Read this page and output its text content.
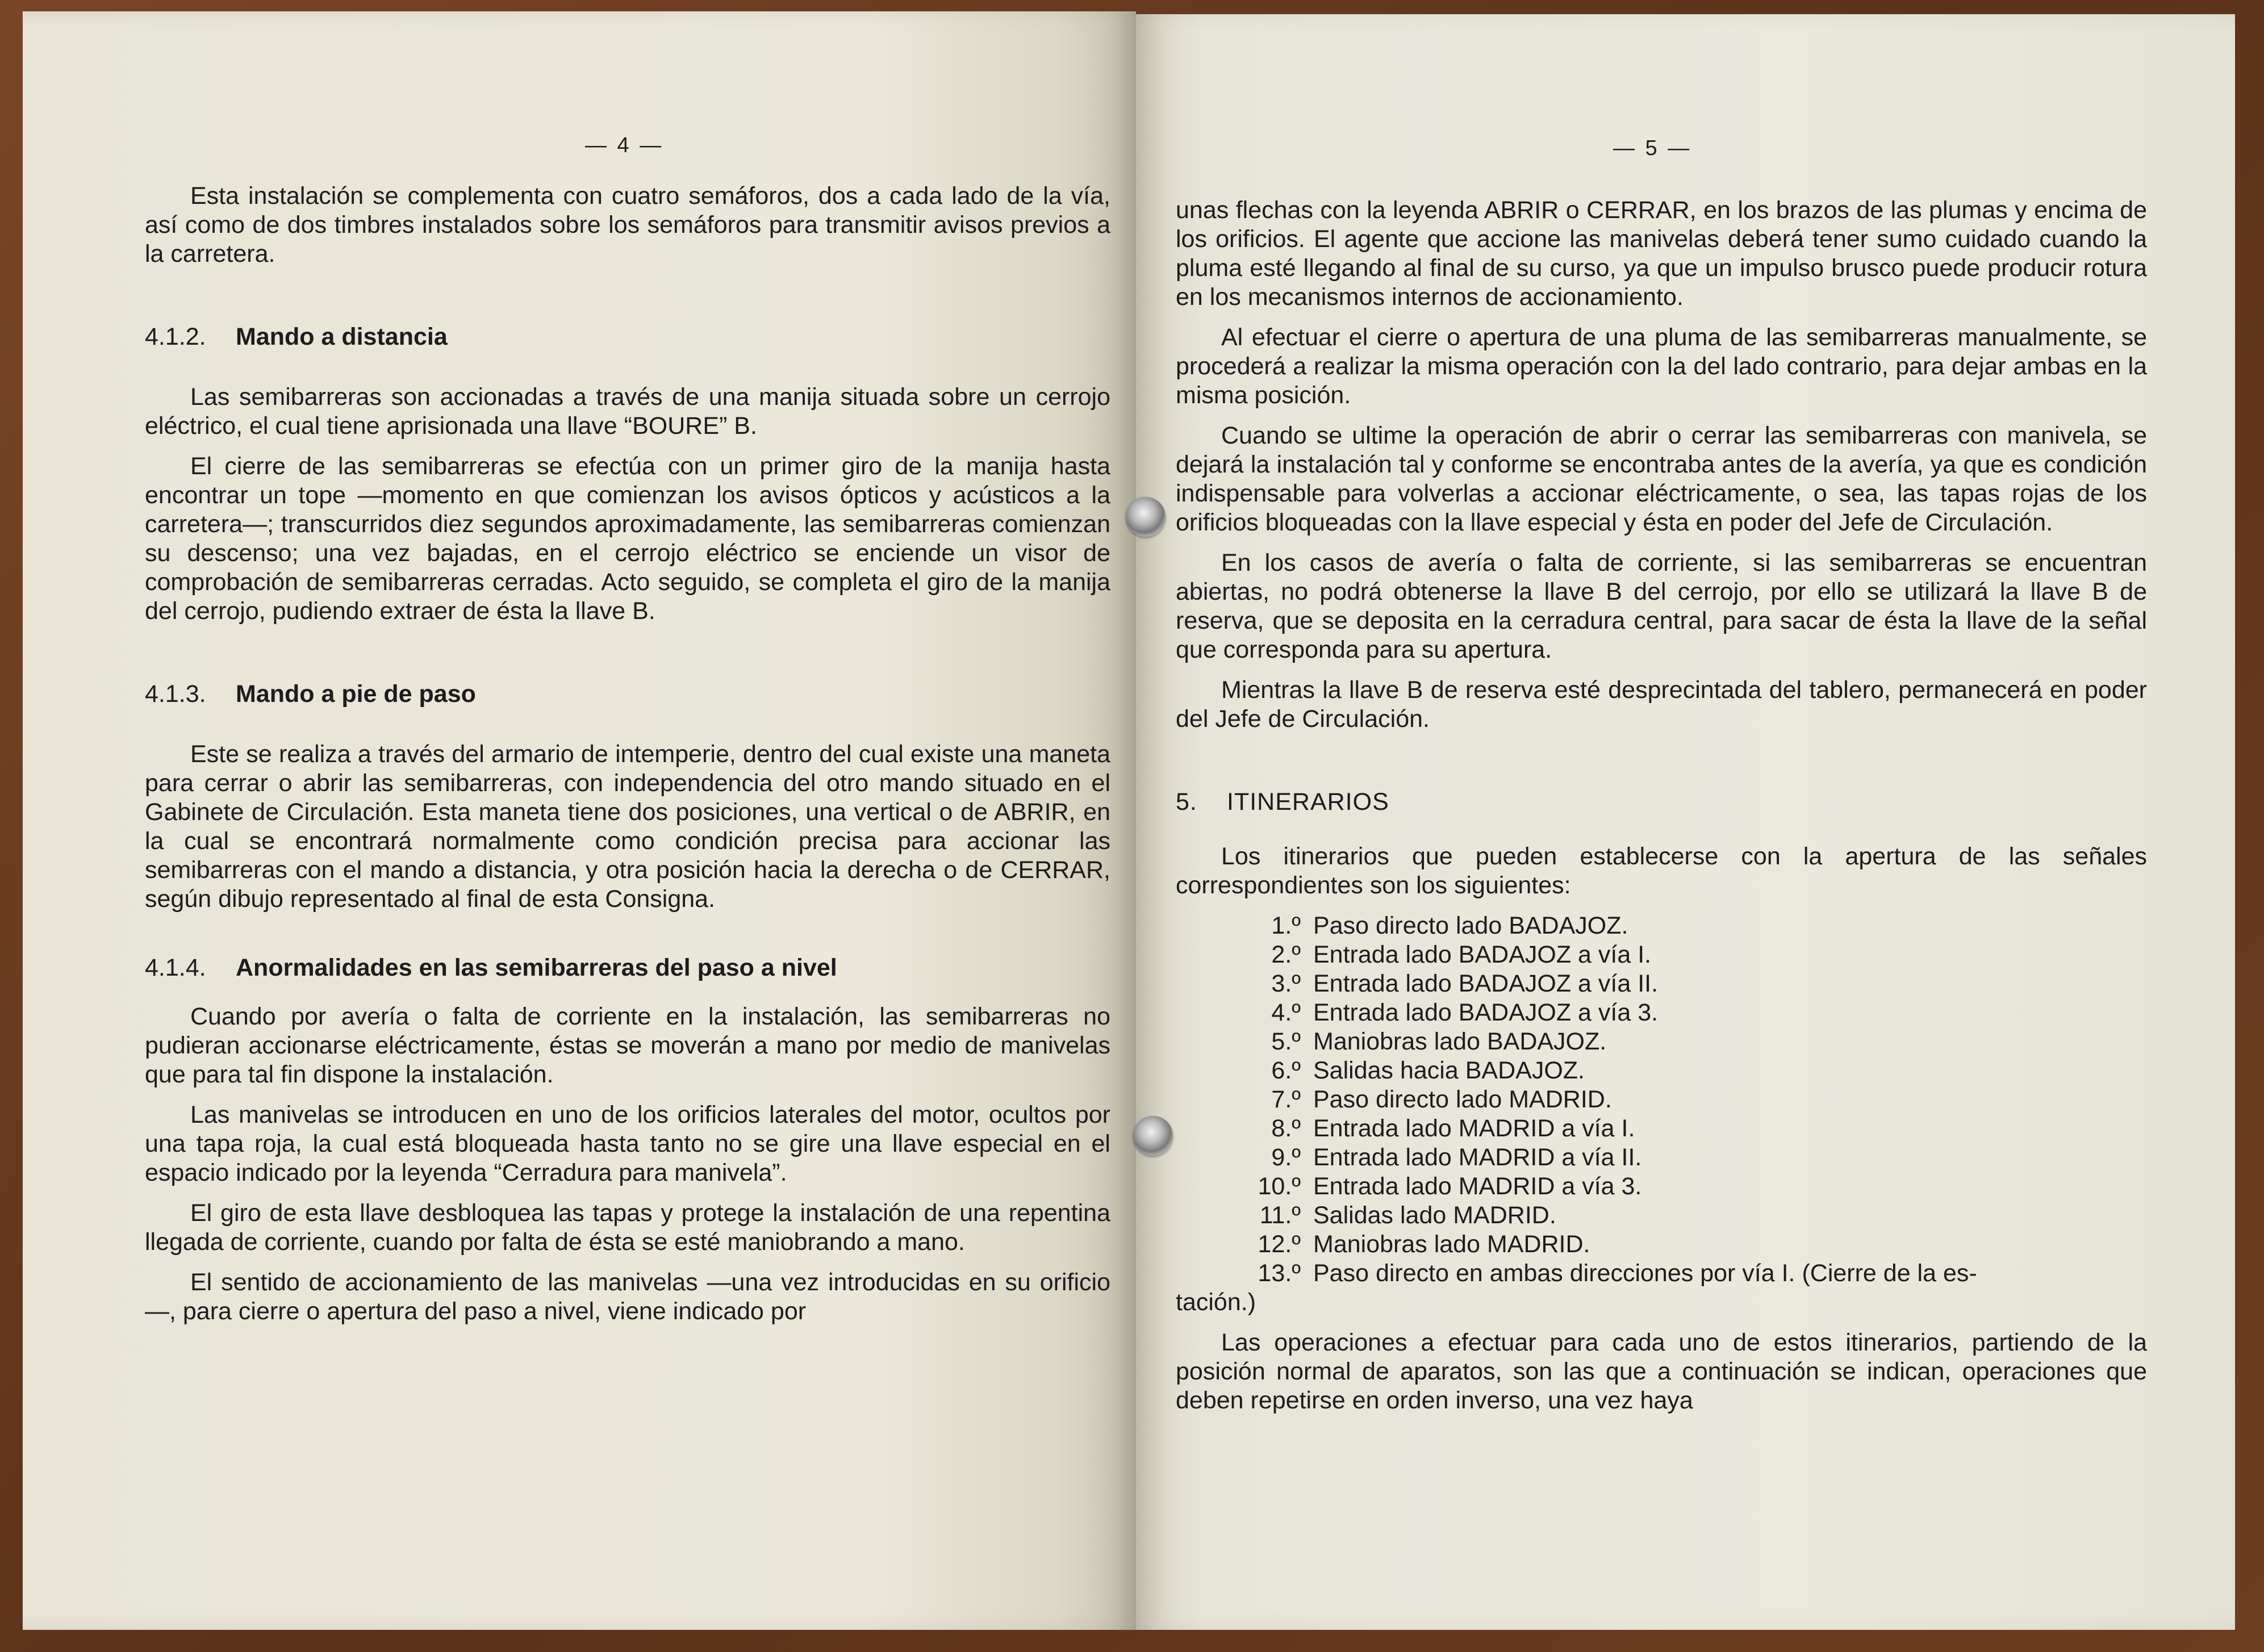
— 4 —

Esta instalación se complementa con cuatro semáforos, dos a cada lado de la vía, así como de dos timbres instalados sobre los semáforos para transmitir avisos previos a la carretera.

4.1.2. Mando a distancia

Las semibarreras son accionadas a través de una manija situada sobre un cerrojo eléctrico, el cual tiene aprisionada una llave “BOURE” B.

El cierre de las semibarreras se efectúa con un primer giro de la manija hasta encontrar un tope —momento en que comienzan los avisos ópticos y acústicos a la carretera—; transcurridos diez segundos aproximadamente, las semibarreras comienzan su descenso; una vez bajadas, en el cerrojo eléctrico se enciende un visor de comprobación de semibarreras cerradas. Acto seguido, se completa el giro de la manija del cerrojo, pudiendo extraer de ésta la llave B.

4.1.3. Mando a pie de paso

Este se realiza a través del armario de intemperie, dentro del cual existe una maneta para cerrar o abrir las semibarreras, con independencia del otro mando situado en el Gabinete de Circulación. Esta maneta tiene dos posiciones, una vertical o de ABRIR, en la cual se encontrará normalmente como condición precisa para accionar las semibarreras con el mando a distancia, y otra posición hacia la derecha o de CERRAR, según dibujo representado al final de esta Consigna.

4.1.4. Anormalidades en las semibarreras del paso a nivel

Cuando por avería o falta de corriente en la instalación, las semibarreras no pudieran accionarse eléctricamente, éstas se moverán a mano por medio de manivelas que para tal fin dispone la instalación.

Las manivelas se introducen en uno de los orificios laterales del motor, ocultos por una tapa roja, la cual está bloqueada hasta tanto no se gire una llave especial en el espacio indicado por la leyenda “Cerradura para manivela”.

El giro de esta llave desbloquea las tapas y protege la instalación de una repentina llegada de corriente, cuando por falta de ésta se esté maniobrando a mano.

El sentido de accionamiento de las manivelas —una vez introducidas en su orificio—, para cierre o apertura del paso a nivel, viene indicado por

— 5 —
unas flechas con la leyenda ABRIR o CERRAR, en los brazos de las plumas y encima de los orificios. El agente que accione las manivelas deberá tener sumo cuidado cuando la pluma esté llegando al final de su curso, ya que un impulso brusco puede producir rotura en los mecanismos internos de accionamiento.

Al efectuar el cierre o apertura de una pluma de las semibarreras manualmente, se procederá a realizar la misma operación con la del lado contrario, para dejar ambas en la misma posición.

Cuando se ultime la operación de abrir o cerrar las semibarreras con manivela, se dejará la instalación tal y conforme se encontraba antes de la avería, ya que es condición indispensable para volverlas a accionar eléctricamente, o sea, las tapas rojas de los orificios bloqueadas con la llave especial y ésta en poder del Jefe de Circulación.

En los casos de avería o falta de corriente, si las semibarreras se encuentran abiertas, no podrá obtenerse la llave B del cerrojo, por ello se utilizará la llave B de reserva, que se deposita en la cerradura central, para sacar de ésta la llave de la señal que corresponda para su apertura.

Mientras la llave B de reserva esté desprecintada del tablero, permanecerá en poder del Jefe de Circulación.

5. ITINERARIOS

Los itinerarios que pueden establecerse con la apertura de las señales correspondientes son los siguientes:

1.º Paso directo lado BADAJOZ.
2.º Entrada lado BADAJOZ a vía I.
3.º Entrada lado BADAJOZ a vía II.
4.º Entrada lado BADAJOZ a vía 3.
5.º Maniobras lado BADAJOZ.
6.º Salidas hacia BADAJOZ.
7.º Paso directo lado MADRID.
8.º Entrada lado MADRID a vía I.
9.º Entrada lado MADRID a vía II.
10.º Entrada lado MADRID a vía 3.
11.º Salidas lado MADRID.
12.º Maniobras lado MADRID.
13.º Paso directo en ambas direcciones por vía I. (Cierre de la es-
tación.)

Las operaciones a efectuar para cada uno de estos itinerarios, partiendo de la posición normal de aparatos, son las que a continuación se indican, operaciones que deben repetirse en orden inverso, una vez haya
